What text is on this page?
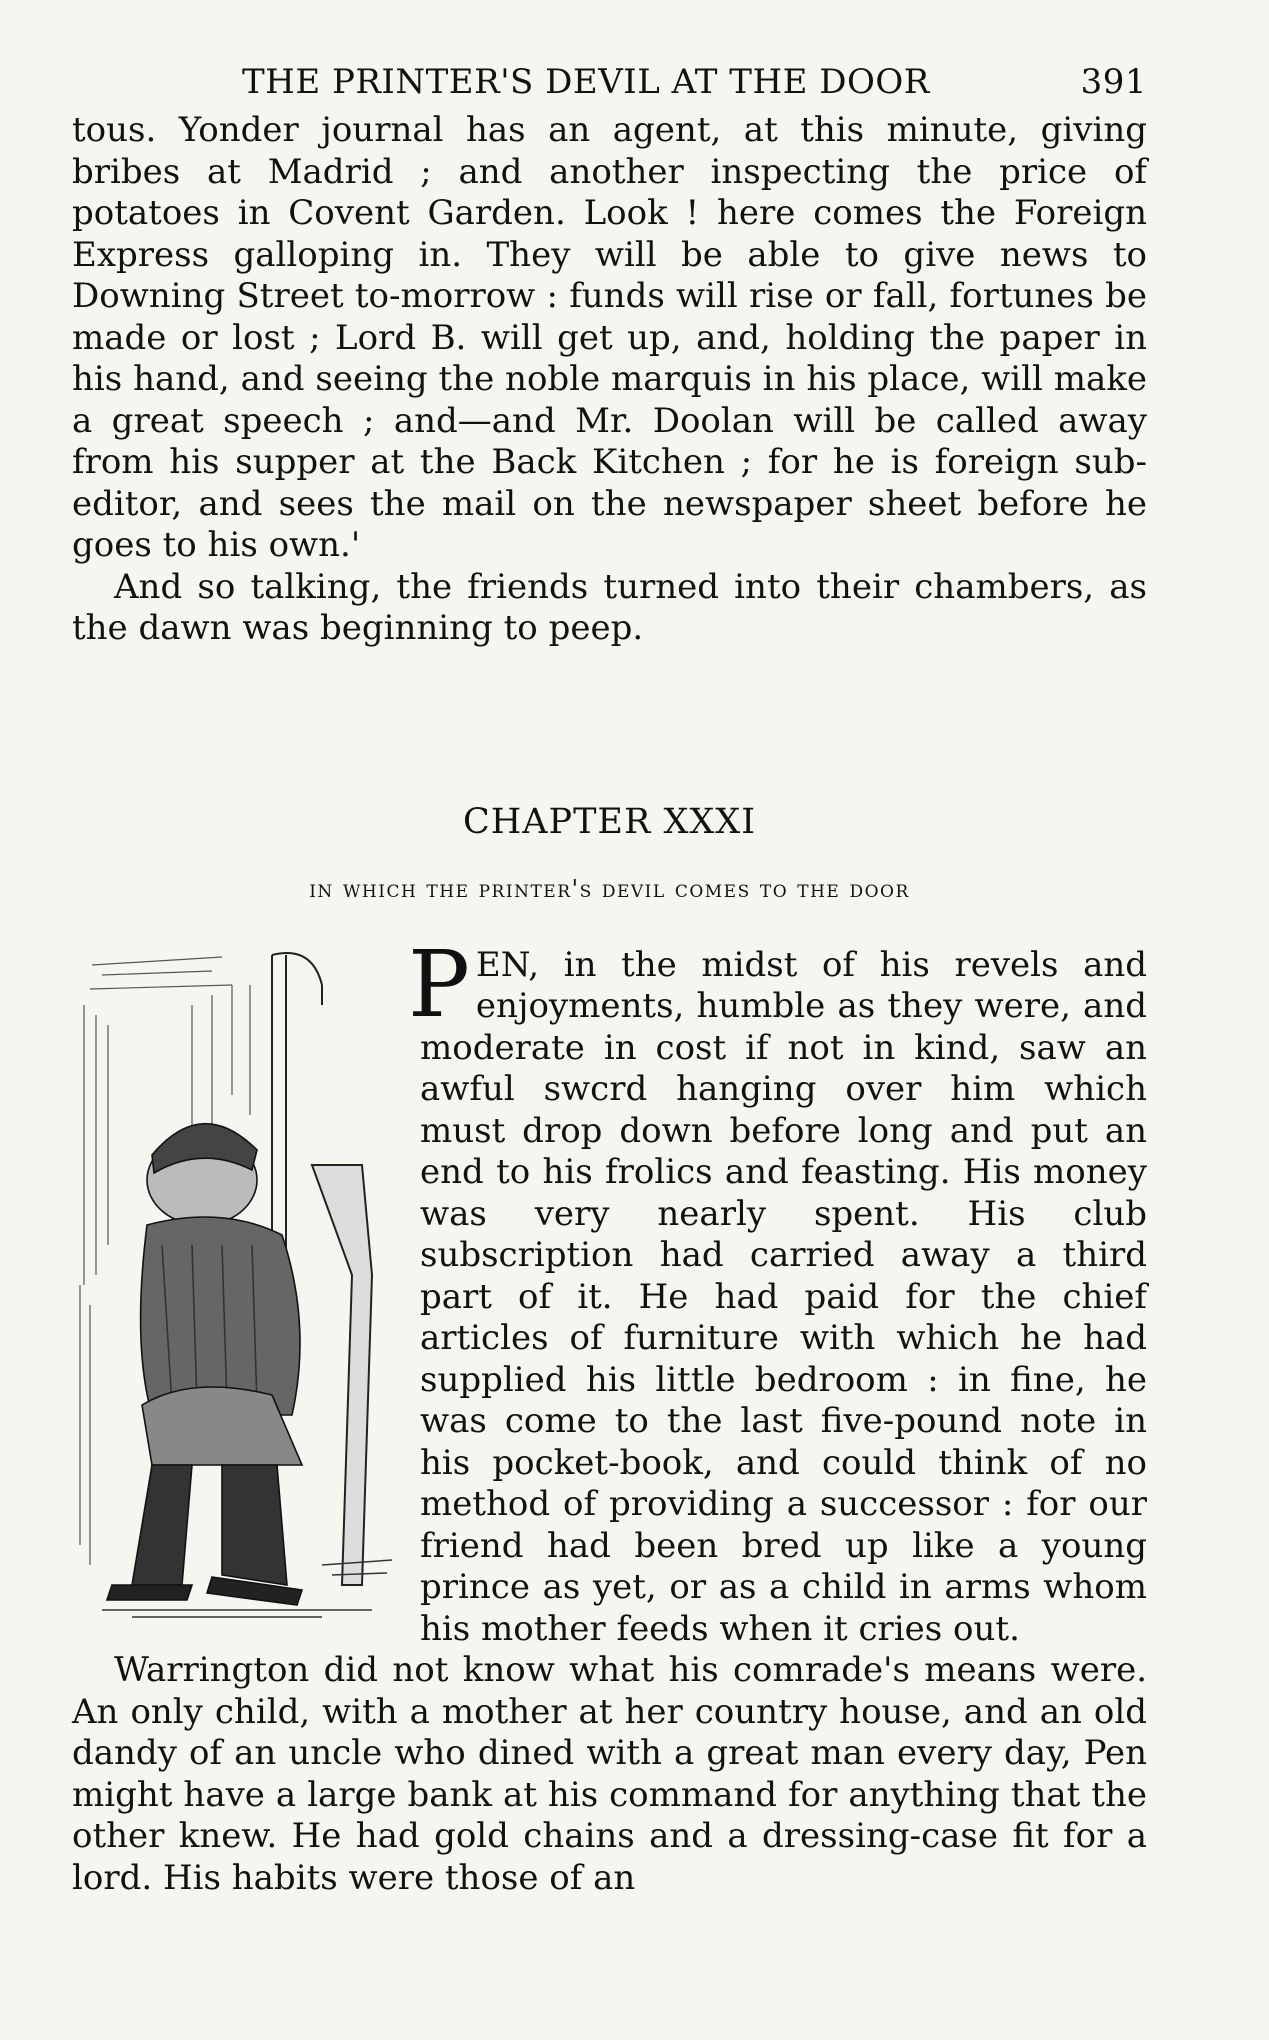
THE PRINTER'S DEVIL AT THE DOOR	391

tous. Yonder journal has an agent, at this minute, giving bribes at Madrid ; and another inspecting the price of potatoes in Covent Garden. Look ! here comes the Foreign Express galloping in. They will be able to give news to Downing Street to-morrow : funds will rise or fall, fortunes be made or lost ; Lord B. will get up, and, holding the paper in his hand, and seeing the noble marquis in his place, will make a great speech ; and—and Mr. Doolan will be called away from his supper at the Back Kitchen ; for he is foreign sub-editor, and sees the mail on the newspaper sheet before he goes to his own.'

And so talking, the friends turned into their chambers, as the dawn was beginning to peep.

CHAPTER XXXI

in which the printer's devil comes to the door

PEN, in the midst of his revels and enjoyments, humble as they were, and moderate in cost if not in kind, saw an awful swcrd hanging over him which must drop down before long and put an end to his frolics and feasting. His money was very nearly spent. His club subscription had carried away a third part of it. He had paid for the chief articles of furniture with which he had supplied his little bedroom : in fine, he was come to the last five-pound note in his pocket-book, and could think of no method of providing a successor : for our friend had been bred up like a young prince as yet, or as a child in arms whom his mother feeds when it cries out.

Warrington did not know what his comrade's means were. An only child, with a mother at her country house, and an old dandy of an uncle who dined with a great man every day, Pen might have a large bank at his command for anything that the other knew. He had gold chains and a dressing-case fit for a lord. His habits were those of an
